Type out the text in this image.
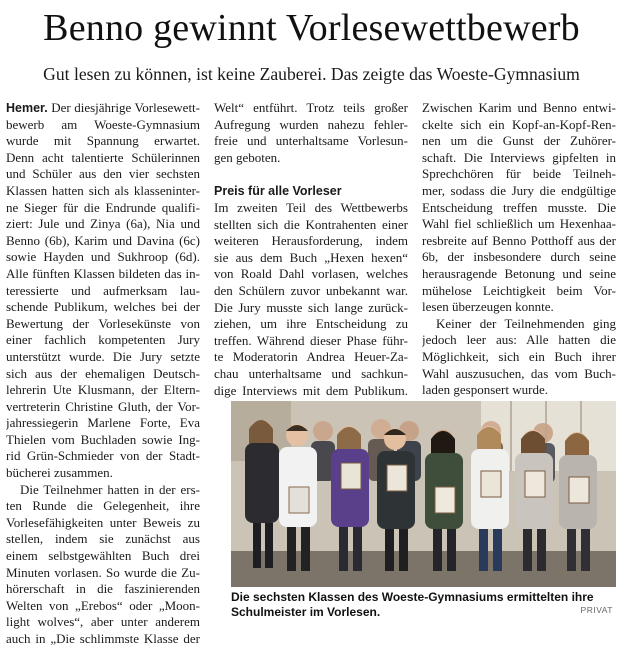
Benno gewinnt Vorlesewettbewerb
Gut lesen zu können, ist keine Zauberei. Das zeigte das Woeste-Gymnasium
Hemer. Der diesjährige Vorlesewett-
bewerb am Woeste-Gymnasium
wurde mit Spannung erwartet.
Denn acht talentierte Schülerinnen
und Schüler aus den vier sechsten
Klassen hatten sich als klasseninter-
ne Sieger für die Endrunde qualifi-
ziert: Jule und Zinya (6a), Nia und
Benno (6b), Karim und Davina (6c)
sowie Hayden und Sukhroop (6d).
Alle fünften Klassen bildeten das in-
teressierte und aufmerksam lau-
schende Publikum, welches bei der
Bewertung der Vorlesekünste von
einer fachlich kompetenten Jury
unterstützt wurde. Die Jury setzte
sich aus der ehemaligen Deutsch-
lehrerin Ute Klusmann, der Eltern-
vertreterin Christine Gluth, der Vor-
jahressiegerin Marlene Forte, Eva
Thielen vom Buchladen sowie Ing-
rid Grün-Schmieder von der Stadt-
bücherei zusammen.
Die Teilnehmer hatten in der ers-
ten Runde die Gelegenheit, ihre
Vorlesefähigkeiten unter Beweis zu
stellen, indem sie zunächst aus
einem selbstgewählten Buch drei
Minuten vorlasen. So wurde die Zu-
hörerschaft in die faszinierenden
Welten von „Erebos“ oder „Moon-
light wolves“, aber unter anderem
auch in „Die schlimmste Klasse der
Welt“ entführt. Trotz teils großer
Aufregung wurden nahezu fehler-
freie und unterhaltsame Vorlesun-
gen geboten.
Preis für alle Vorleser
Im zweiten Teil des Wettbewerbs
stellten sich die Kontrahenten einer
weiteren Herausforderung, indem
sie aus dem Buch „Hexen hexen“
von Roald Dahl vorlasen, welches
den Schülern zuvor unbekannt war.
Die Jury musste sich lange zurück-
ziehen, um ihre Entscheidung zu
treffen. Während dieser Phase führ-
te Moderatorin Andrea Heuer-Za-
chau unterhaltsame und sachkun-
dige Interviews mit dem Publikum.
Zwischen Karim und Benno entwi-
ckelte sich ein Kopf-an-Kopf-Ren-
nen um die Gunst der Zuhörer-
schaft. Die Interviews gipfelten in
Sprechchören für beide Teilneh-
mer, sodass die Jury die endgültige
Entscheidung treffen musste. Die
Wahl fiel schließlich um Hexenhaa-
resbreite auf Benno Potthoff aus der
6b, der insbesondere durch seine
herausragende Betonung und seine
mühelose Leichtigkeit beim Vor-
lesen überzeugen konnte.
Keiner der Teilnehmenden ging
jedoch leer aus: Alle hatten die
Möglichkeit, sich ein Buch ihrer
Wahl auszusuchen, das vom Buch-
laden gesponsert wurde.
Die sechsten Klassen des Woeste-Gymnasiums ermittelten ihre
Schulmeister im Vorlesen.	PRIVAT
